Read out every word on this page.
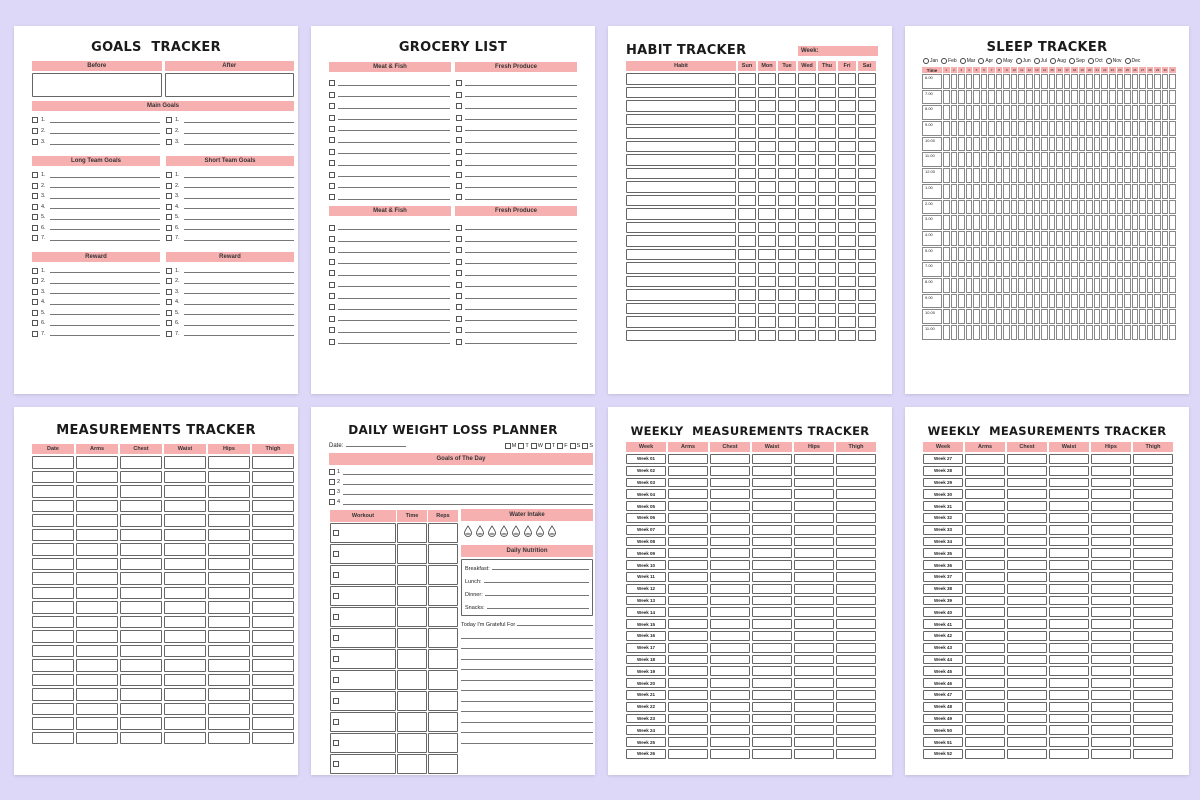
GOALS  TRACKER
Before	After
Main Goals
1.
2.
3.
1.
2.
3.
Long Team Goals	Short Team Goals
1.
2.
3.
4.
5.
6.
7.
1.
2.
3.
4.
5.
6.
7.
Reward	Reward
1.
2.
3.
4.
5.
6.
7.
1.
2.
3.
4.
5.
6.
7.
GROCERY LIST
Meat & Fish	Fresh Produce
Meat & Fish	Fresh Produce
HABIT TRACKER	Week:
Habit	Sun	Mon	Tue	Wed	Thu	Fri	Sat

SLEEP TRACKER
Jan Feb Mar Apr May Jun Jul Aug Sep Oct Nov Dec
Time	1	2	3	4	5	6	7	8	9	10	11	12	13	14	15	16	17	18	19	20	21	22	23	24	25	26	27	28	29	30	31
6.00																															
7.00																															
8.00																															
9.00																															
10.00																															
11.00																															
12.00																															
1.00																															
2.00																															
3.00																															
4.00																															
5.00																															
7.00																															
8.00																															
9.00																															
10.00																															
11.00																															
MEASUREMENTS TRACKER
Date	Arms	Chest	Waist	Hips	Thigh

DAILY WEIGHT LOSS PLANNER
Date:	M T W T F S S
Goals of The Day
1
2
3
4
Workout	Time	Reps

			Water Intake
Daily Nutrition
Breakfast:
Lunch:
Dinner:
Snacks:
Today I'm Grateful For
WEEKLY  MEASUREMENTS TRACKER
Week	Arms	Chest	Waist	Hips	Thigh
Week 01					
Week 02					
Week 03					
Week 04					
Week 05					
Week 06					
Week 07					
Week 08					
Week 09					
Week 10					
Week 11					
Week 12					
Week 13					
Week 14					
Week 15					
Week 16					
Week 17					
Week 18					
Week 19					
Week 20					
Week 21					
Week 22					
Week 23					
Week 24					
Week 25					
Week 26					
WEEKLY  MEASUREMENTS TRACKER
Week	Arms	Chest	Waist	Hips	Thigh
Week 27					
Week 28					
Week 29					
Week 30					
Week 31					
Week 32					
Week 33					
Week 34					
Week 35					
Week 36					
Week 37					
Week 38					
Week 39					
Week 40					
Week 41					
Week 42					
Week 43					
Week 44					
Week 45					
Week 46					
Week 47					
Week 48					
Week 49					
Week 50					
Week 51					
Week 52					
